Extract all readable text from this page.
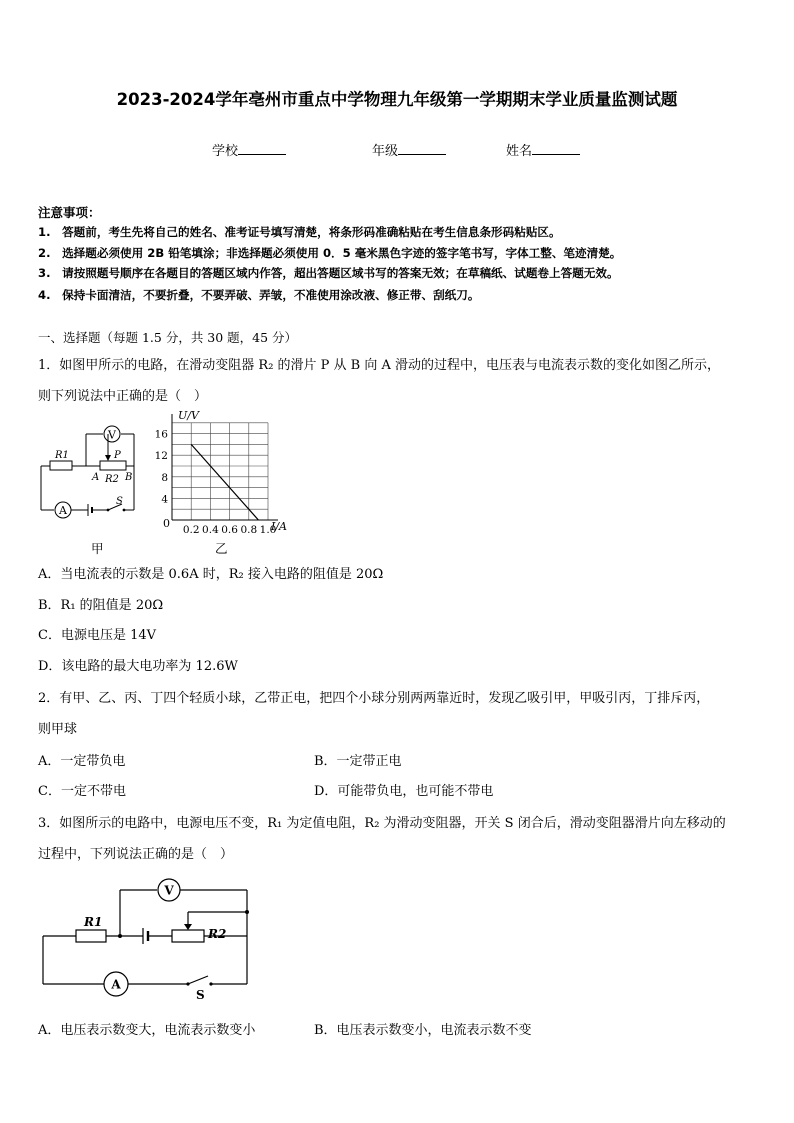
2023-2024学年亳州市重点中学物理九年级第一学期期末学业质量监测试题
学校	年级	姓名
注意事项：
1.　答题前，考生先将自己的姓名、准考证号填写清楚，将条形码准确粘贴在考生信息条形码粘贴区。
2.　选择题必须使用 2B 铅笔填涂；非选择题必须使用 0．5 毫米黑色字迹的签字笔书写，字体工整、笔迹清楚。
3.　请按照题号顺序在各题目的答题区域内作答，超出答题区域书写的答案无效；在草稿纸、试题卷上答题无效。
4.　保持卡面清洁，不要折叠，不要弄破、弄皱，不准使用涂改液、修正带、刮纸刀。
一、选择题（每题 1.5 分，共 30 题，45 分）
1．如图甲所示的电路，在滑动变阻器 R₂ 的滑片 P 从 B 向 A 滑动的过程中，电压表与电流表示数的变化如图乙所示，
则下列说法中正确的是（　）
V
A
R1	P
A R2 B
S
0.2 0.4 0.6 0.8 1.0
4
8
12
16
U/V
I/A
0
甲	乙
A．当电流表的示数是 0.6A 时，R₂ 接入电路的阻值是 20Ω
B．R₁ 的阻值是 20Ω
C．电源电压是 14V
D．该电路的最大电功率为 12.6W
2．有甲、乙、丙、丁四个轻质小球，乙带正电，把四个小球分别两两靠近时，发现乙吸引甲，甲吸引丙，丁排斥丙，
则甲球
A．一定带负电	B．一定带正电
C．一定不带电	D．可能带负电，也可能不带电
3．如图所示的电路中，电源电压不变，R₁ 为定值电阻，R₂ 为滑动变阻器，开关 S 闭合后，滑动变阻器滑片向左移动的
过程中，下列说法正确的是（　）
V
A
R1
R2
S
A．电压表示数变大，电流表示数变小	B．电压表示数变小，电流表示数不变
